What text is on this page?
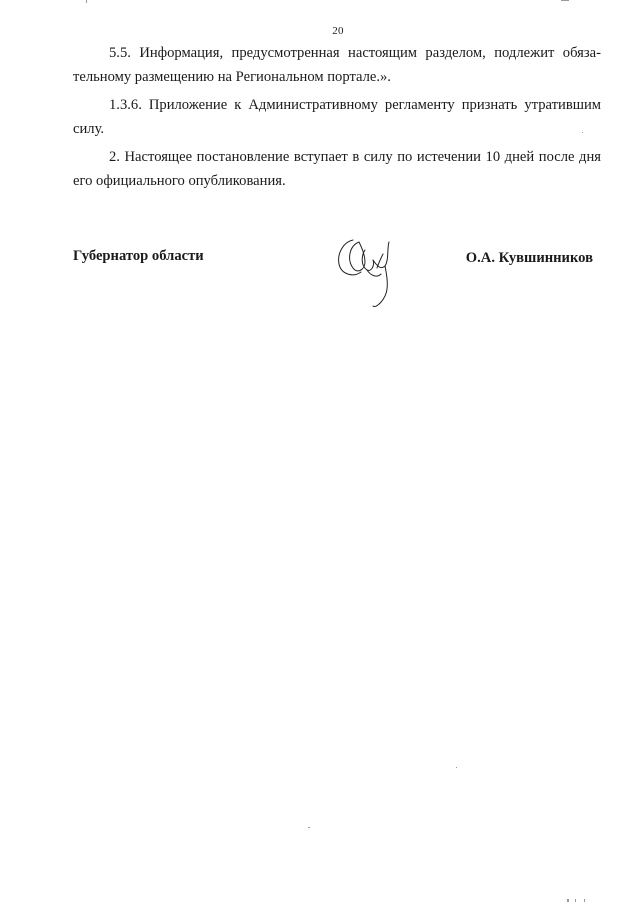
20

5.5. Информация, предусмотренная настоящим разделом, подлежит обязательному размещению на Региональном портале.».

1.3.6. Приложение к Административному регламенту признать утратившим силу.

2. Настоящее постановление вступает в силу по истечении 10 дней после дня его официального опубликования.

Губернатор области	О.А. Кувшинников
